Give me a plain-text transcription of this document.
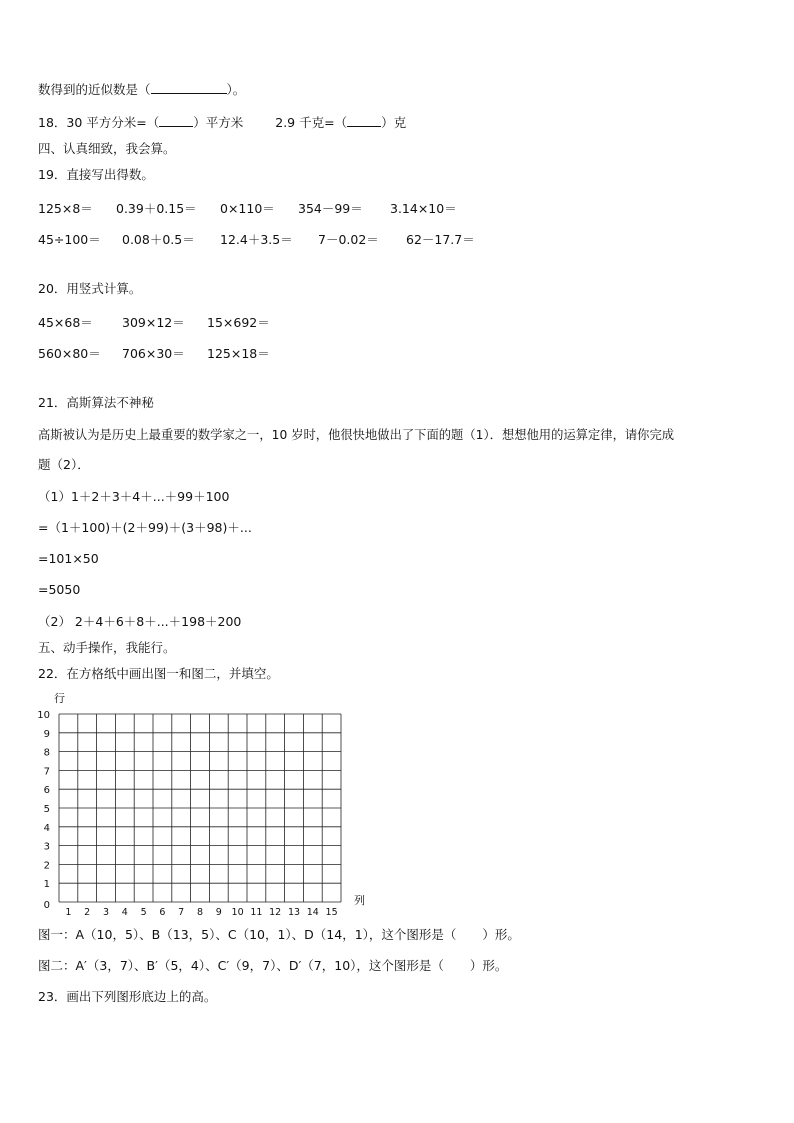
数得到的近似数是（	）。
18．30 平方分米=（	）平方米	2.9 千克=（	）克
四、认真细致，我会算。
19．直接写出得数。
125×8＝ 0.39＋0.15＝ 0×110＝ 354－99＝ 3.14×10＝
45÷100＝ 0.08＋0.5＝ 12.4＋3.5＝ 7－0.02＝ 62－17.7＝
20．用竖式计算。
45×68＝ 309×12＝ 15×692＝
560×80＝ 706×30＝ 125×18＝
21．高斯算法不神秘
高斯被认为是历史上最重要的数学家之一，10 岁时，他很快地做出了下面的题（1）．想想他用的运算定律，请你完成
题（2）．
（1）1＋2＋3＋4＋...＋99＋100
=（1＋100)＋(2＋99)＋(3＋98)＋...
=101×50
=5050
（2） 2＋4＋6＋8＋...＋198＋200
五、动手操作，我能行。
22．在方格纸中画出图一和图二，并填空。
行
列
0
1
2
3
4
5
6
7
8
9
10
1 2 3 4 5 6 7 8 9 10 11 12 13 14 15
图一：A（10，5）、B（13，5）、C（10，1）、D（14，1），这个图形是（ ）形。
图二：A′（3，7）、B′（5，4）、C′（9，7）、D′（7，10），这个图形是（ ）形。
23．画出下列图形底边上的高。
